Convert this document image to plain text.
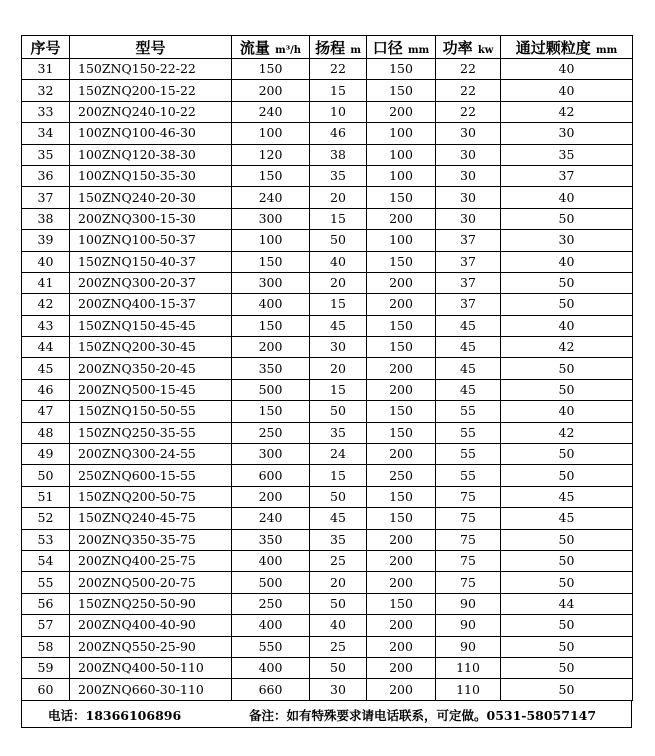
序号	型号	流量 m³/h	扬程 m	口径 mm	功率 kw	通过颗粒度 mm
31	150ZNQ150-22-22	150	22	150	22	40
32	150ZNQ200-15-22	200	15	150	22	40
33	200ZNQ240-10-22	240	10	200	22	42
34	100ZNQ100-46-30	100	46	100	30	30
35	100ZNQ120-38-30	120	38	100	30	35
36	100ZNQ150-35-30	150	35	100	30	37
37	150ZNQ240-20-30	240	20	150	30	40
38	200ZNQ300-15-30	300	15	200	30	50
39	100ZNQ100-50-37	100	50	100	37	30
40	150ZNQ150-40-37	150	40	150	37	40
41	200ZNQ300-20-37	300	20	200	37	50
42	200ZNQ400-15-37	400	15	200	37	50
43	150ZNQ150-45-45	150	45	150	45	40
44	150ZNQ200-30-45	200	30	150	45	42
45	200ZNQ350-20-45	350	20	200	45	50
46	200ZNQ500-15-45	500	15	200	45	50
47	150ZNQ150-50-55	150	50	150	55	40
48	150ZNQ250-35-55	250	35	150	55	42
49	200ZNQ300-24-55	300	24	200	55	50
50	250ZNQ600-15-55	600	15	250	55	50
51	150ZNQ200-50-75	200	50	150	75	45
52	150ZNQ240-45-75	240	45	150	75	45
53	200ZNQ350-35-75	350	35	200	75	50
54	200ZNQ400-25-75	400	25	200	75	50
55	200ZNQ500-20-75	500	20	200	75	50
56	150ZNQ250-50-90	250	50	150	90	44
57	200ZNQ400-40-90	400	40	200	90	50
58	200ZNQ550-25-90	550	25	200	90	50
59	200ZNQ400-50-110	400	50	200	110	50
60	200ZNQ660-30-110	660	30	200	110	50
电话：18366106896	备注：如有特殊要求请电话联系，可定做。0531-58057147
